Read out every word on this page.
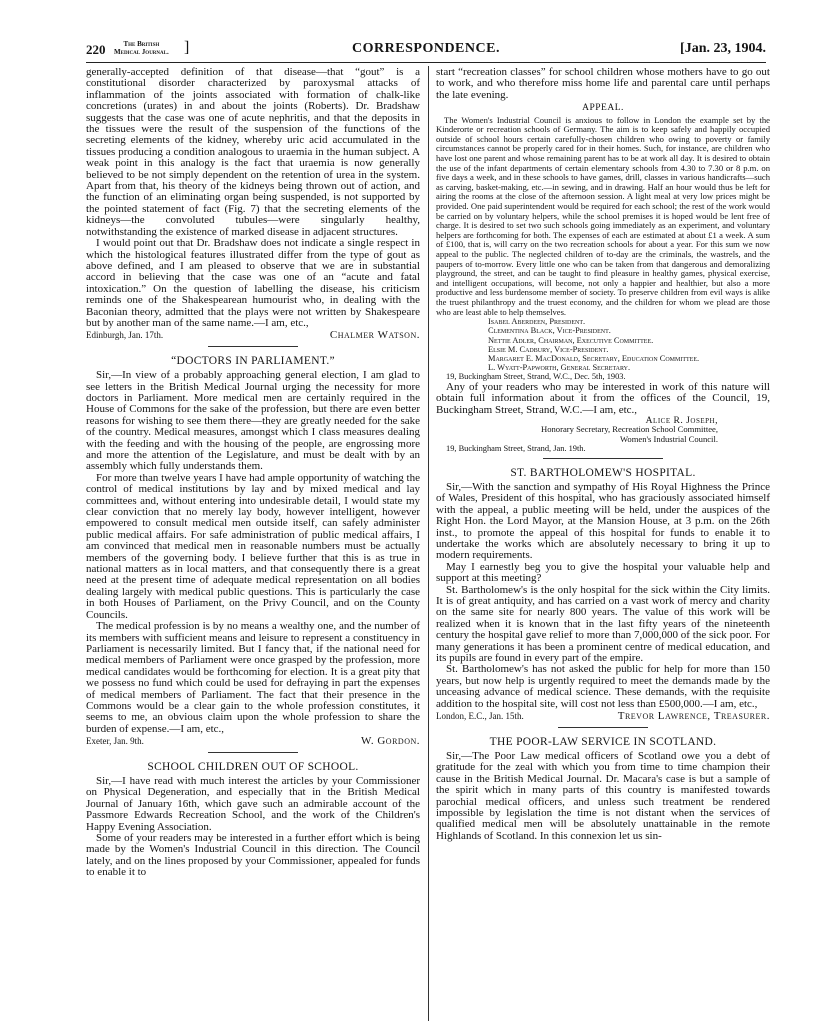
220	The British
Medical Journal. ]	CORRESPONDENCE.	[Jan. 23, 1904.

generally-accepted definition of that disease—that “gout” is a constitutional disorder characterized by paroxysmal attacks of inflammation of the joints associated with formation of chalk-like concretions (urates) in and about the joints (Roberts). Dr. Bradshaw suggests that the case was one of acute nephritis, and that the deposits in the tissues were the result of the suspension of the functions of the secreting elements of the kidney, whereby uric acid accumulated in the tissues producing a condition analogous to uraemia in the human subject. A weak point in this analogy is the fact that uraemia is now generally believed to be not simply dependent on the retention of urea in the system. Apart from that, his theory of the kidneys being thrown out of action, and the function of an eliminating organ being suspended, is not supported by the pointed statement of fact (Fig. 7) that the secreting elements of the kidneys—the convoluted tubules—were singularly healthy, notwithstanding the existence of marked disease in adjacent structures.

I would point out that Dr. Bradshaw does not indicate a single respect in which the histological features illustrated differ from the type of gout as above defined, and I am pleased to observe that we are in substantial accord in believing that the case was one of an “acute and fatal intoxication.” On the question of labelling the disease, his criticism reminds one of the Shakespearean humourist who, in dealing with the Baconian theory, admitted that the plays were not written by Shakespeare but by another man of the same name.—I am, etc.,

Edinburgh, Jan. 17th.	Chalmer Watson.
“DOCTORS IN PARLIAMENT.”

Sir,—In view of a probably approaching general election, I am glad to see letters in the British Medical Journal urging the necessity for more doctors in Parliament. More medical men are certainly required in the House of Commons for the sake of the profession, but there are even better reasons for wishing to see them there—they are greatly needed for the sake of the country. Medical measures, amongst which I class measures dealing with the feeding and with the housing of the people, are engrossing more and more the attention of the Legislature, and must be dealt with by an assembly which fully understands them.

For more than twelve years I have had ample opportunity of watching the control of medical institutions by lay and by mixed medical and lay committees and, without entering into undesirable detail, I would state my clear conviction that no merely lay body, however intelligent, however empowered to consult medical men outside itself, can safely administer public medical affairs. For safe administration of public medical affairs, I am convinced that medical men in reasonable numbers must be actually members of the governing body. I believe further that this is as true in national matters as in local matters, and that consequently there is a great need at the present time of adequate medical representation on all bodies dealing largely with medical public questions. This is particularly the case in both Houses of Parliament, on the Privy Council, and on the County Councils.

The medical profession is by no means a wealthy one, and the number of its members with sufficient means and leisure to represent a constituency in Parliament is necessarily limited. But I fancy that, if the national need for medical members of Parliament were once grasped by the profession, more medical candidates would be forthcoming for election. It is a great pity that we possess no fund which could be used for defraying in part the expenses of medical members of Parliament. The fact that their presence in the Commons would be a clear gain to the whole profession constitutes, it seems to me, an obvious claim upon the whole profession to share the burden of expense.—I am, etc.,

Exeter, Jan. 9th.	W. Gordon.
SCHOOL CHILDREN OUT OF SCHOOL.

Sir,—I have read with much interest the articles by your Commissioner on Physical Degeneration, and especially that in the British Medical Journal of January 16th, which gave such an admirable account of the Passmore Edwards Recreation School, and the work of the Children's Happy Evening Association.

Some of your readers may be interested in a further effort which is being made by the Women's Industrial Council in this direction. The Council lately, and on the lines proposed by your Commissioner, appealed for funds to enable it to

start “recreation classes” for school children whose mothers have to go out to work, and who therefore miss home life and parental care until perhaps the late evening.

APPEAL.

The Women's Industrial Council is anxious to follow in London the example set by the Kinderorte or recreation schools of Germany. The aim is to keep safely and happily occupied outside of school hours certain carefully-chosen children who owing to poverty or family circumstances cannot be properly cared for in their homes. Such, for instance, are children who have lost one parent and whose remaining parent has to be at work all day. It is desired to obtain the use of the infant departments of certain elementary schools from 4.30 to 7.30 or 8 p.m. on five days a week, and in these schools to have games, drill, classes in various handicrafts—such as carving, basket-making, etc.—in sewing, and in drawing. Half an hour would thus be left for airing the rooms at the close of the afternoon session. A light meal at very low prices might be provided. One paid superintendent would be required for each school; the rest of the work would be carried on by voluntary helpers, while the school premises it is hoped would be lent free of charge. It is desired to set two such schools going immediately as an experiment, and voluntary helpers are forthcoming for both. The expenses of each are estimated at about £1 a week. A sum of £100, that is, will carry on the two recreation schools for about a year. For this sum we now appeal to the public. The neglected children of to-day are the criminals, the wastrels, and the paupers of to-morrow. Every little one who can be taken from that dangerous and demoralizing playground, the street, and can be taught to find pleasure in healthy games, physical exercise, and intelligent occupations, will become, not only a happier and healthier, but also a more productive and less burdensome member of society. To preserve children from evil ways is alike the truest philanthropy and the truest economy, and the children for whom we plead are those who are least able to help themselves.

Isabel Aberdeen, President.
Clementina Black, Vice-President.
Nettie Adler, Chairman, Executive Committee.
Elsie M. Cadbury, Vice-President.
Margaret E. MacDonald, Secretary, Education Committee.
L. Wyatt-Papworth, General Secretary.
19, Buckingham Street, Strand, W.C., Dec. 5th, 1903.

Any of your readers who may be interested in work of this nature will obtain full information about it from the offices of the Council, 19, Buckingham Street, Strand, W.C.—I am, etc.,

Alice R. Joseph,
Honorary Secretary, Recreation School Committee,
Women's Industrial Council.
19, Buckingham Street, Strand, Jan. 19th.
ST. BARTHOLOMEW'S HOSPITAL.

Sir,—With the sanction and sympathy of His Royal Highness the Prince of Wales, President of this hospital, who has graciously associated himself with the appeal, a public meeting will be held, under the auspices of the Right Hon. the Lord Mayor, at the Mansion House, at 3 p.m. on the 26th inst., to promote the appeal of this hospital for funds to enable it to undertake the works which are absolutely necessary to bring it up to modern requirements.

May I earnestly beg you to give the hospital your valuable help and support at this meeting?

St. Bartholomew's is the only hospital for the sick within the City limits. It is of great antiquity, and has carried on a vast work of mercy and charity on the same site for nearly 800 years. The value of this work will be realized when it is known that in the last fifty years of the nineteenth century the hospital gave relief to more than 7,000,000 of the sick poor. For many generations it has been a prominent centre of medical education, and its pupils are found in every part of the empire.

St. Bartholomew's has not asked the public for help for more than 150 years, but now help is urgently required to meet the demands made by the unceasing advance of medical science. These demands, with the requisite addition to the hospital site, will cost not less than £500,000.—I am, etc.,

London, E.C., Jan. 15th.	Trevor Lawrence, Treasurer.
THE POOR-LAW SERVICE IN SCOTLAND.

Sir,—The Poor Law medical officers of Scotland owe you a debt of gratitude for the zeal with which you from time to time champion their cause in the British Medical Journal. Dr. Macara's case is but a sample of the spirit which in many parts of this country is manifested towards parochial medical officers, and unless such treatment be rendered impossible by legislation the time is not distant when the services of qualified medical men will be absolutely unattainable in the remote Highlands of Scotland. In this connexion let us sin-
